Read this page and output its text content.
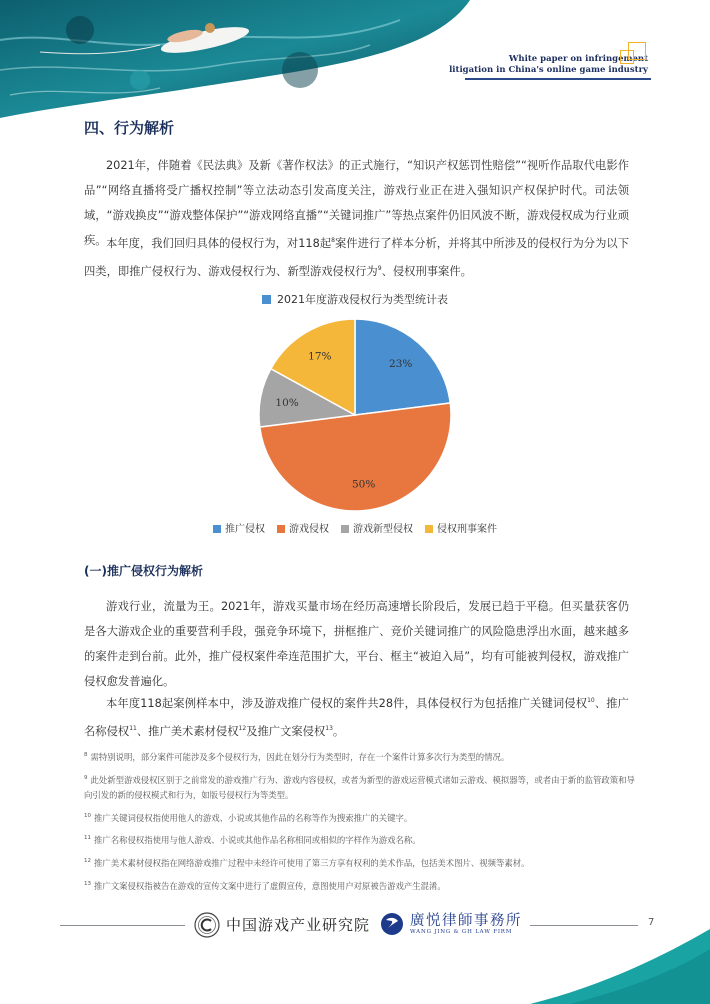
White paper on infringement
litigation in China's online game industry
四、行为解析
2021年，伴随着《民法典》及新《著作权法》的正式施行，“知识产权惩罚性赔偿”“视听作品取代电影作品”“网络直播将受广播权控制”等立法动态引发高度关注，游戏行业正在进入强知识产权保护时代。司法领域，“游戏换皮”“游戏整体保护”“游戏网络直播”“关键词推广”等热点案件仍旧风波不断，游戏侵权成为行业顽疾。 本年度，我们回归具体的侵权行为，对118起$^8$案件进行了样本分析，并将其中所涉及的侵权行为分为以下四类，即推广侵权行为、游戏侵权行为、新型游戏侵权行为$^9$、侵权刑事案件。
2021年度游戏侵权行为类型统计表
23%
50%
10%
17%
推广侵权 游戏侵权 游戏新型侵权 侵权刑事案件
(一)推广侵权行为解析
游戏行业，流量为王。2021年，游戏买量市场在经历高速增长阶段后，发展已趋于平稳。但买量获客仍是各大游戏企业的重要营利手段，强竞争环境下，拼框推广、竞价关键词推广的风险隐患浮出水面，越来越多的案件走到台前。此外，推广侵权案件牵连范围扩大，平台、框主“被迫入局”，均有可能被判侵权，游戏推广侵权愈发普遍化。
本年度118起案例样本中，涉及游戏推广侵权的案件共28件，具体侵权行为包括推广关键词侵权$^{10}$、推广名称侵权$^{11}$、推广美术素材侵权$^{12}$及推广文案侵权$^{13}$。
$^8$ 需特别说明，部分案件可能涉及多个侵权行为，因此在划分行为类型时，存在一个案件计算多次行为类型的情况。
$^9$ 此处新型游戏侵权区别于之前常发的游戏推广行为、游戏内容侵权，或者为新型的游戏运营模式诸如云游戏、模拟器等，或者由于新的监管政策和导向引发的新的侵权模式和行为，如版号侵权行为等类型。
$^{10}$ 推广关键词侵权指使用他人的游戏、小说或其他作品的名称等作为搜索推广的关键字。
$^{11}$ 推广名称侵权指使用与他人游戏、小说或其他作品名称相同或相似的字样作为游戏名称。
$^{12}$ 推广美术素材侵权指在网络游戏推广过程中未经许可使用了第三方享有权利的美术作品，包括美术图片、视频等素材。
$^{13}$ 推广文案侵权指被告在游戏的宣传文案中进行了虚假宣传，意图使用户对原被告游戏产生混淆。
中国游戏产业研究院	廣悦律師事務所
WANG JING & GH LAW FIRM
7
